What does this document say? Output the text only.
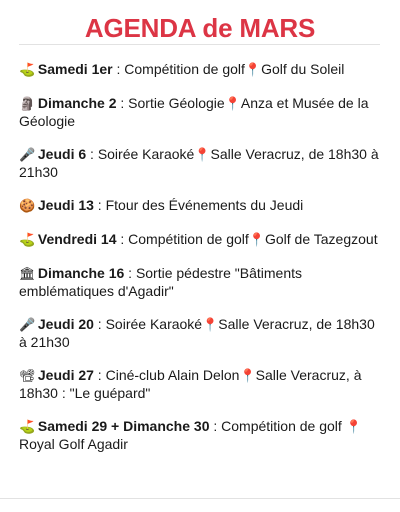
AGENDA de MARS
⛳ Samedi 1er : Compétition de golf📍Golf du Soleil
🗿 Dimanche 2 : Sortie Géologie📍Anza et Musée de la Géologie
🎤 Jeudi 6 : Soirée Karaoké📍Salle Veracruz, de 18h30 à 21h30
🍪 Jeudi 13 : Ftour des Événements du Jeudi
⛳ Vendredi 14 : Compétition de golf📍Golf de Tazegzout
🏛 Dimanche 16 : Sortie pédestre "Bâtiments emblématiques d'Agadir"
🎤 Jeudi 20 : Soirée Karaoké📍Salle Veracruz, de 18h30 à 21h30
📽 Jeudi 27 : Ciné-club Alain Delon📍Salle Veracruz, à 18h30 : "Le guépard"
⛳ Samedi 29 + Dimanche 30 : Compétition de golf 📍Royal Golf Agadir
